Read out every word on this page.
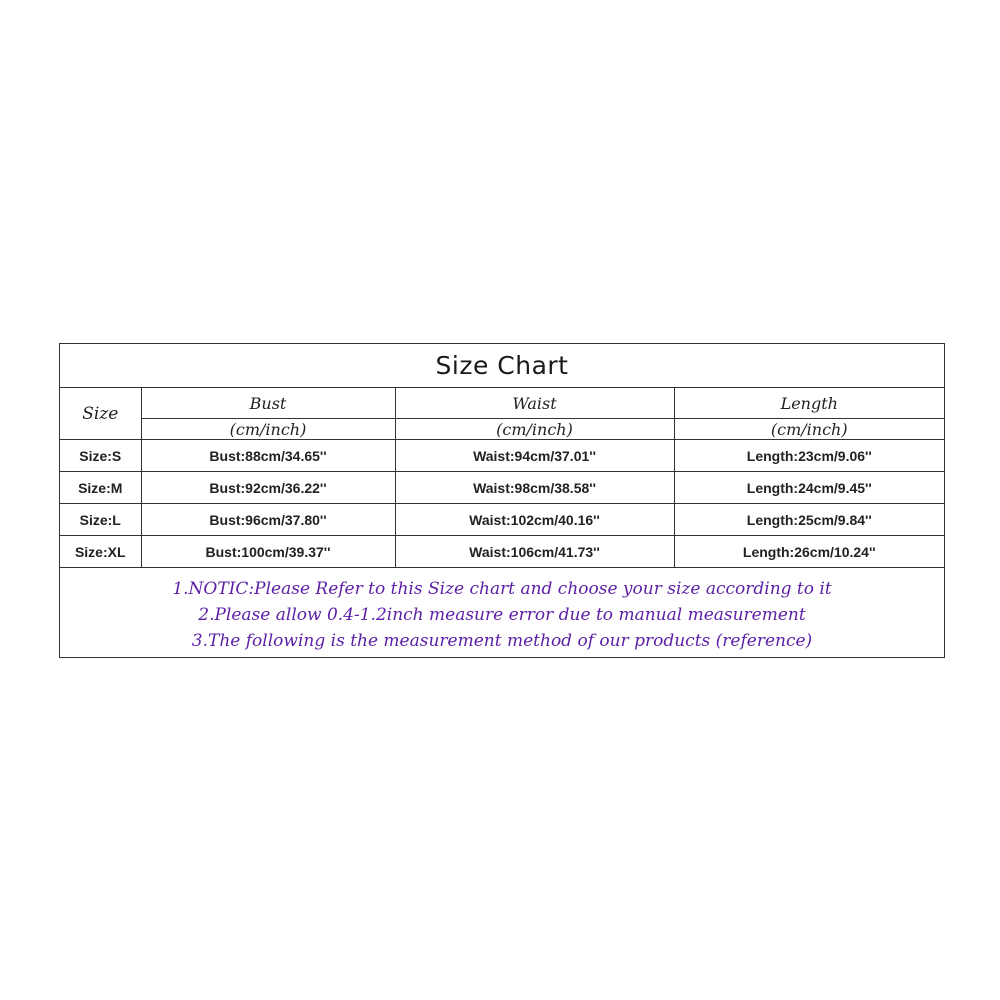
Size Chart			
Size	Bust	Waist	Length
	(cm/inch)	(cm/inch)	(cm/inch)
Size:S	Bust:88cm/34.65''	Waist:94cm/37.01''	Length:23cm/9.06''
Size:M	Bust:92cm/36.22''	Waist:98cm/38.58''	Length:24cm/9.45''
Size:L	Bust:96cm/37.80''	Waist:102cm/40.16''	Length:25cm/9.84''
Size:XL	Bust:100cm/39.37''	Waist:106cm/41.73''	Length:26cm/10.24''

1.NOTIC:Please Refer to this Size chart and choose your size according to it
2.Please allow 0.4-1.2inch measure error due to manual measurement
3.The following is the measurement method of our products (reference)			
